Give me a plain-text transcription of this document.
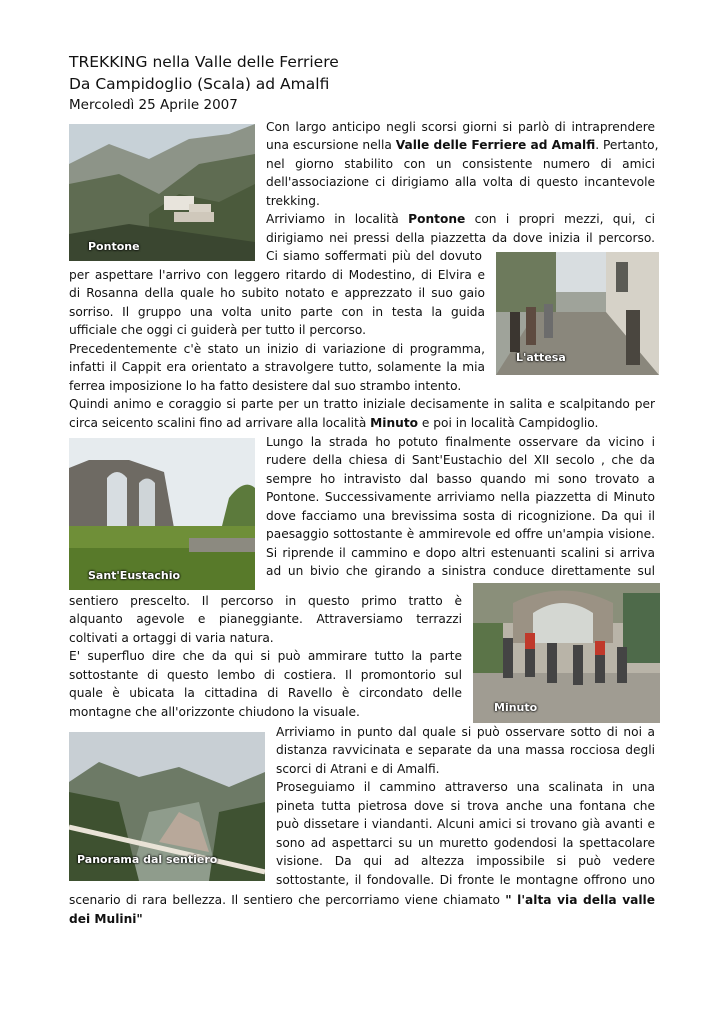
TREKKING nella Valle delle Ferriere
Da Campidoglio (Scala) ad Amalfi
Mercoledì 25 Aprile 2007
Pontone
L'attesa
Sant'Eustachio
Minuto
Panorama dal sentiero
Con largo anticipo negli scorsi giorni si parlò di intraprendere
una escursione nella Valle delle Ferriere ad Amalfi. Pertanto,
nel giorno stabilito con un consistente numero di amici
dell'associazione ci dirigiamo alla volta di questo incantevole
trekking.
Arriviamo in località Pontone con i propri mezzi, qui, ci
dirigiamo nei pressi della piazzetta da dove inizia il percorso.
Ci siamo soffermati più del dovuto
per aspettare l'arrivo con leggero ritardo di Modestino, di Elvira e
di Rosanna della quale ho subito notato e apprezzato il suo gaio
sorriso. Il gruppo una volta unito parte con in testa la guida
ufficiale che oggi ci guiderà per tutto il percorso.
Precedentemente c'è stato un inizio di variazione di programma,
infatti il Cappit era orientato a stravolgere tutto, solamente la mia
ferrea imposizione lo ha fatto desistere dal suo strambo intento.
Quindi animo e coraggio si parte per un tratto iniziale decisamente in salita e scalpitando per
circa seicento scalini fino ad arrivare alla località Minuto e poi in località Campidoglio.
Lungo la strada ho potuto finalmente osservare da vicino i
rudere della chiesa di Sant'Eustachio del XII secolo , che da
sempre ho intravisto dal basso quando mi sono trovato a
Pontone. Successivamente arriviamo nella piazzetta di Minuto
dove facciamo una brevissima sosta di ricognizione. Da qui il
paesaggio sottostante è ammirevole ed offre un'ampia visione.
Si riprende il cammino e dopo altri estenuanti scalini si arriva
ad un bivio che girando a sinistra conduce direttamente sul
sentiero prescelto. Il percorso in questo primo tratto è
alquanto agevole e pianeggiante. Attraversiamo terrazzi
coltivati a ortaggi di varia natura.
E' superfluo dire che da qui si può ammirare tutto la parte
sottostante di questo lembo di costiera. Il promontorio sul
quale è ubicata la cittadina di Ravello è circondato delle
montagne che all'orizzonte chiudono la visuale.
Arriviamo in punto dal quale si può osservare sotto di noi a
distanza ravvicinata e separate da una massa rocciosa degli
scorci di Atrani e di Amalfi.
Proseguiamo il cammino attraverso una scalinata in una
pineta tutta pietrosa dove si trova anche una fontana che
può dissetare i viandanti. Alcuni amici si trovano già avanti e
sono ad aspettarci su un muretto godendosi la spettacolare
visione. Da qui ad altezza impossibile si può vedere
sottostante, il fondovalle. Di fronte le montagne offrono uno
scenario di rara bellezza. Il sentiero che percorriamo viene chiamato " l'alta via della valle
dei Mulini"
